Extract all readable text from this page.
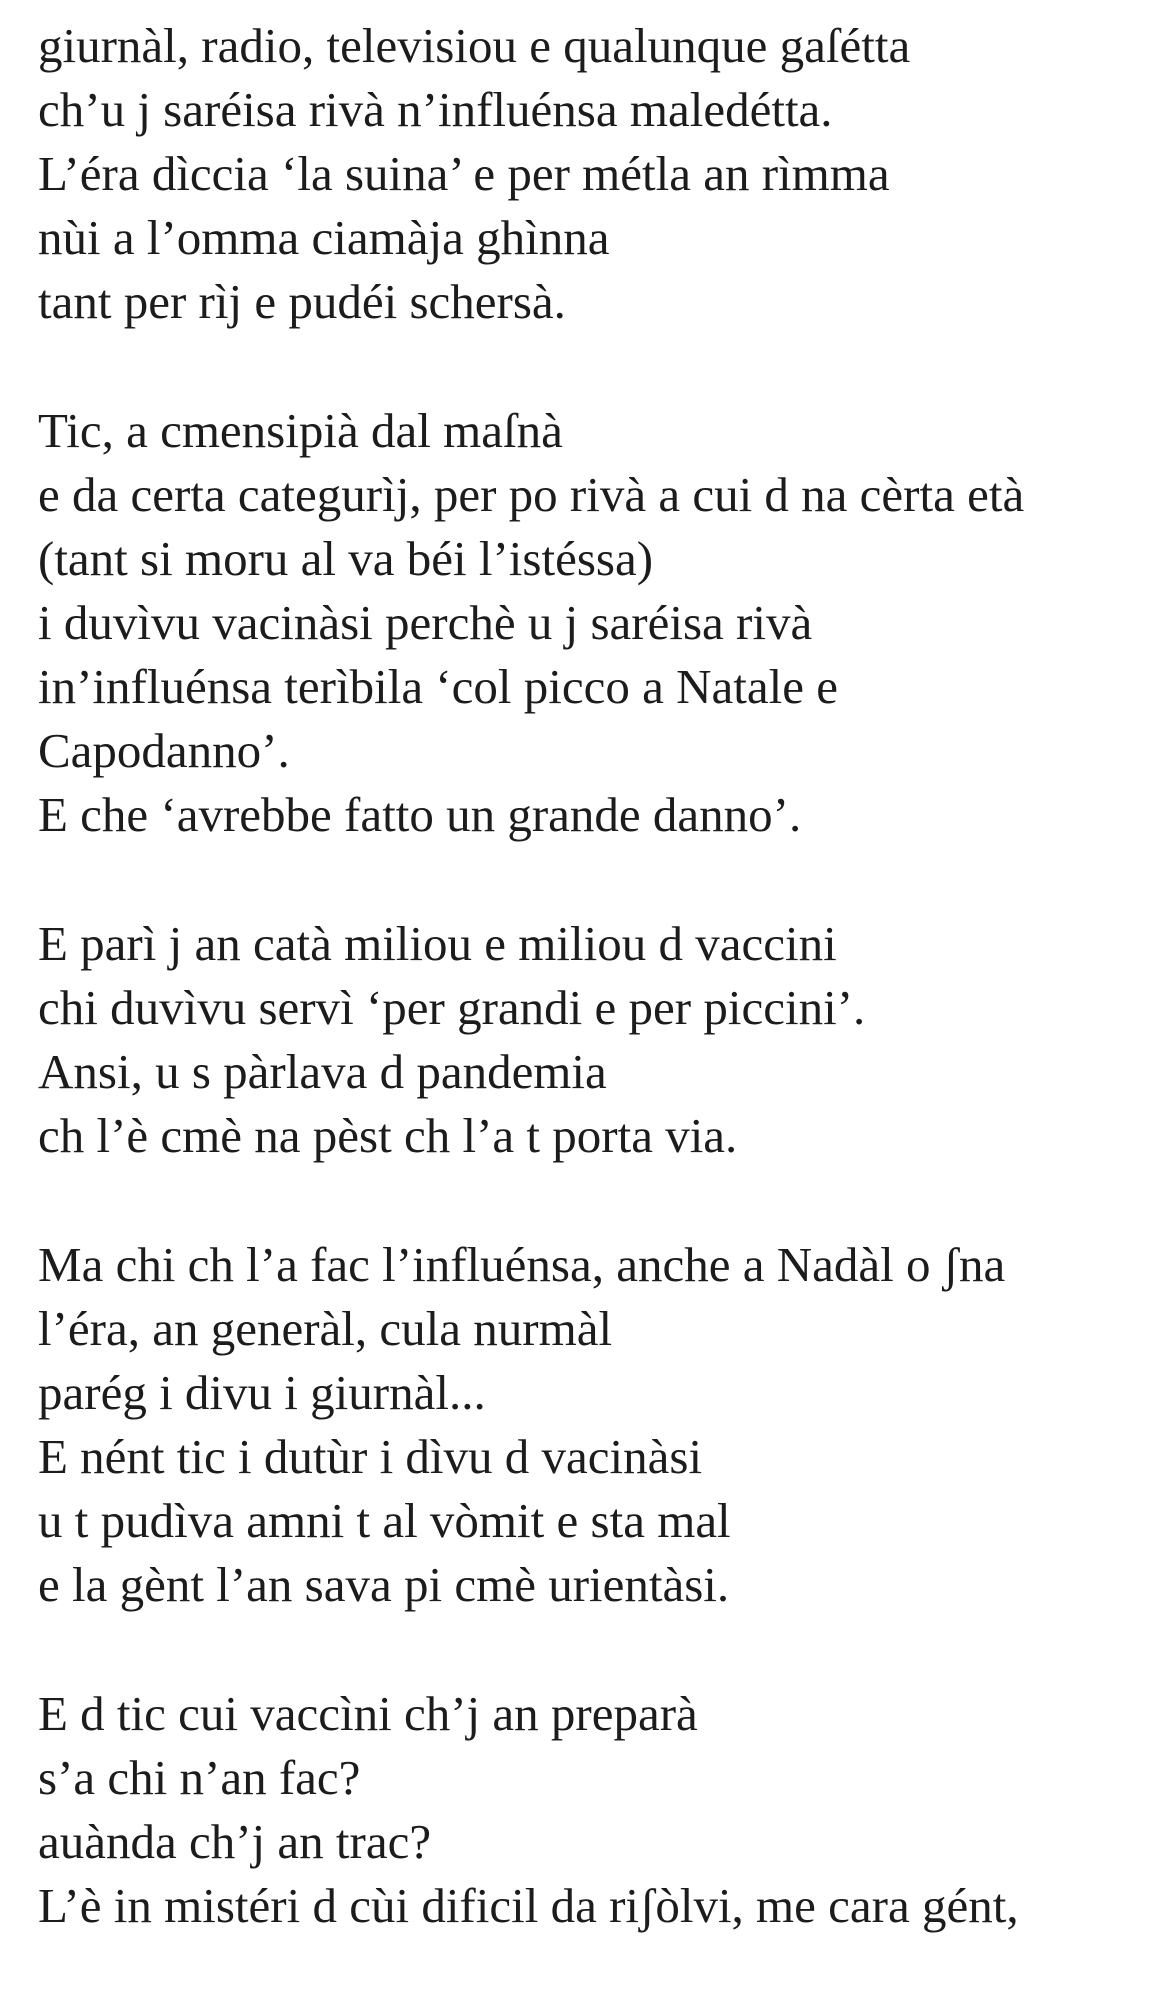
giurnàl, radio, televisiou e qualunque gaſétta
ch’u j saréisa rivà n’influénsa maledétta.
L’éra dìccia ‘la suina’ e per métla an rìmma
nùi a l’omma ciamàja ghìnna
tant per rìj e pudéi schersà.
Tic, a cmensipià dal maſnà
e da certa categurìj, per po rivà a cui d na cèrta età
(tant si moru al va béi l’istéssa)
i duvìvu vacinàsi perchè u j saréisa rivà
in’influénsa terìbila ‘col picco a Natale e
Capodanno’.
E che ‘avrebbe fatto un grande danno’.
E parì j an catà miliou e miliou d vaccini
chi duvìvu servì ‘per grandi e per piccini’.
Ansi, u s pàrlava d pandemia
ch l’è cmè na pèst ch l’a t porta via.
Ma chi ch l’a fac l’influénsa, anche a Nadàl o ʃna
l’éra, an generàl, cula nurmàl
parég i divu i giurnàl...
E nént tic i dutùr i dìvu d vacinàsi
u t pudìva amni t al vòmit e sta mal
e la gènt l’an sava pi cmè urientàsi.
E d tic cui vaccìni ch’j an preparà
s’a chi n’an fac?
auànda ch’j an trac?
L’è in mistéri d cùi dificil da riʃòlvi, me cara gént,
